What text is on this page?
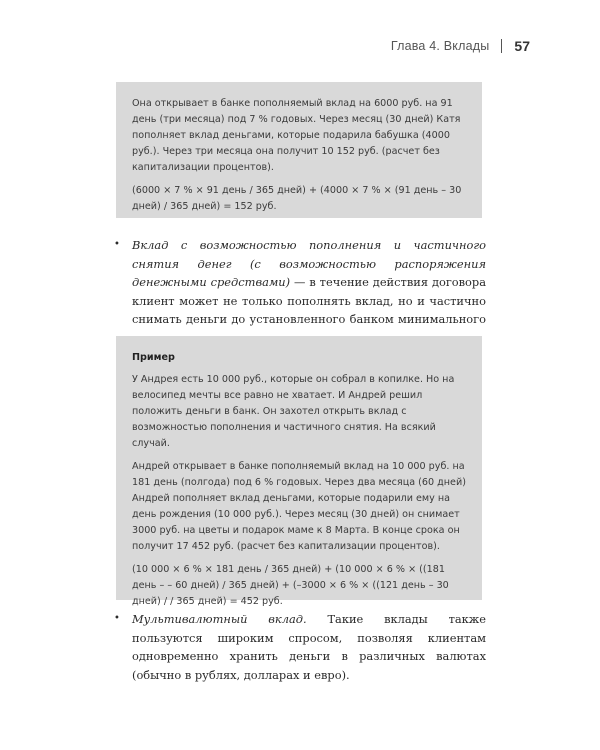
Глава 4. Вклады 57

Она открывает в банке пополняемый вклад на 6000 руб. на 91 день (три месяца) под 7 % годовых. Через месяц (30 дней) Катя пополняет вклад деньгами, которые подарила бабушка (4000 руб.). Через три месяца она получит 10 152 руб. (расчет без капитализации процентов).

(6000 × 7 % × 91 день / 365 дней) + (4000 × 7 % × (91 день – 30 дней) / 365 дней) = 152 руб.

•	Вклад с возможностью пополнения и частичного снятия денег (с возможностью распоряжения денежными средствами) — в течение действия договора клиент может не только пополнять вклад, но и частично снимать деньги до установленного банком минимального

Пример

У Андрея есть 10 000 руб., которые он собрал в копилке. Но на велосипед мечты все равно не хватает. И Андрей решил положить деньги в банк. Он захотел открыть вклад с возможностью пополнения и частичного снятия. На всякий случай.

Андрей открывает в банке пополняемый вклад на 10 000 руб. на 181 день (полгода) под 6 % годовых. Через два месяца (60 дней) Андрей пополняет вклад деньгами, которые подарили ему на день рождения (10 000 руб.). Через месяц (30 дней) он снимает 3000 руб. на цветы и подарок маме к 8 Марта. В конце срока он получит 17 452 руб. (расчет без капитализации процентов).

(10 000 × 6 % × 181 день / 365 дней) + (10 000 × 6 % × ((181 день – – 60 дней) / 365 дней) + (–3000 × 6 % × ((121 день – 30 дней) / / 365 дней) = 452 руб.

•	Мультивалютный вклад. Такие вклады также пользуются широким спросом, позволяя клиентам одновременно хранить деньги в различных валютах (обычно в рублях, долларах и евро).
